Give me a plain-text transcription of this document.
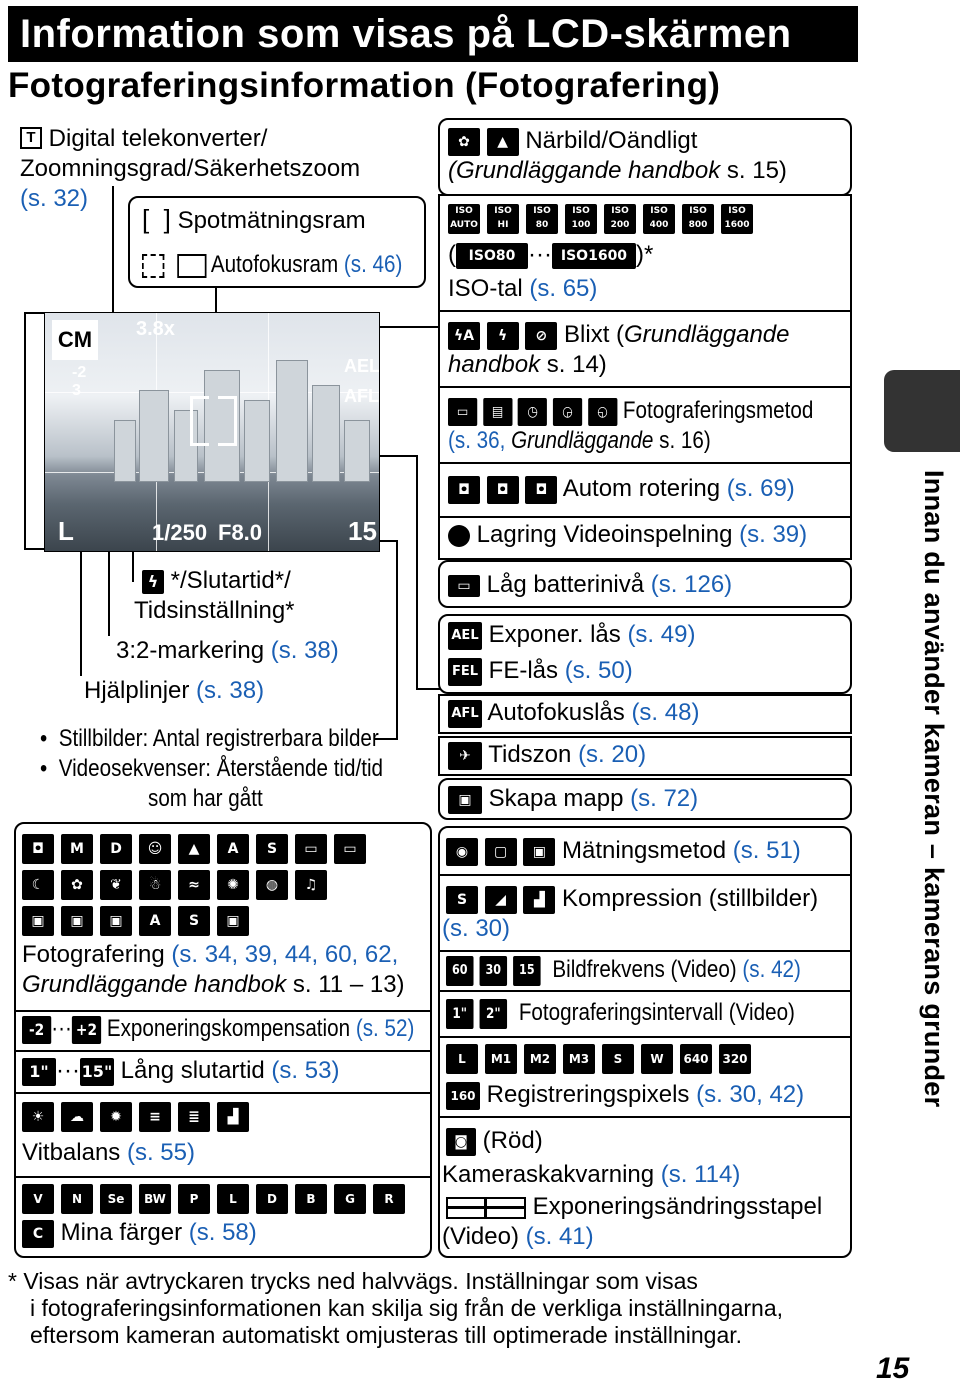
Information som visas på LCD-skärmen
Fotograferingsinformation (Fotografering)
T Digital telekonverter/
Zoomningsgrad/Säkerhetszoom
(s. 32)
[  ] Spotmätningsram
Autofokusram (s. 46)
CM 3.8x
-2
3
AEL
AFL
L	1/250 F8.0	15
ϟ */Slutartid*/
Tidsinställning*
3:2-markering (s. 38)
Hjälplinjer (s. 38)
•  Stillbilder: Antal registrerbara bilder
•  Videosekvenser: Återstående tid/tid
som har gått
◘ M D ☺ ▲ A S ▭ ▭
☾ ✿ ❦ ☃ ≈ ✺ ◍ ♫
▣ ▣ ▣ A S ▣
Fotografering (s. 34, 39, 44, 60, 62,
Grundläggande handbok s. 11 – 13)
-2 ··· +2 Exponeringskompensation (s. 52)
1" ··· 15" Lång slutartid (s. 53)
☀ ☁ ✹ ≡ ≣ ▟
Vitbalans (s. 55)
V N Se BW P	L	D B G R
C Mina färger (s. 58)
✿ ▲ Närbild/Oändligt
(Grundläggande handbok s. 15)
ISO
AUTO
ISO
HI
ISO
80
ISO
100
ISO
200
ISO
400
ISO
800
ISO
1600
( ISO80 ··· ISO1600 )*
ISO-tal (s. 65)
ϟA ϟ ⊘ Blixt (Grundläggande
handbok s. 14)
▭ ▤ ◷ ◶ ◵ Fotograferingsmetod
(s. 36, Grundläggande s. 16)
◘ ◘ ◘ Autom rotering (s. 69)
Lagring Videoinspelning (s. 39)
▭ Låg batterinivå (s. 126)
AEL Exponer. lås (s. 49)
FEL FE-lås (s. 50)
AFL Autofokuslås (s. 48)
✈ Tidszon (s. 20)
▣ Skapa mapp (s. 72)
◉ ▢ ▣ Mätningsmetod (s. 51)
S ◢ ▟ Kompression (stillbilder)
(s. 30)
60 30 15 Bildfrekvens (Video) (s. 42)
1" 2" Fotograferingsintervall (Video)
L M1 M2 M3 S W 640 320
160 Registreringspixels (s. 30, 42)
◙ (Röd)
Kameraskakvarning (s. 114)
Exponeringsändringsstapel
(Video) (s. 41)
Innan du använder kameran – kamerans grunder
* Visas när avtryckaren trycks ned halvvägs. Inställningar som visas
i fotograferingsinformationen kan skilja sig från de verkliga inställningarna,
eftersom kameran automatiskt omjusteras till optimerade inställningar.
15
